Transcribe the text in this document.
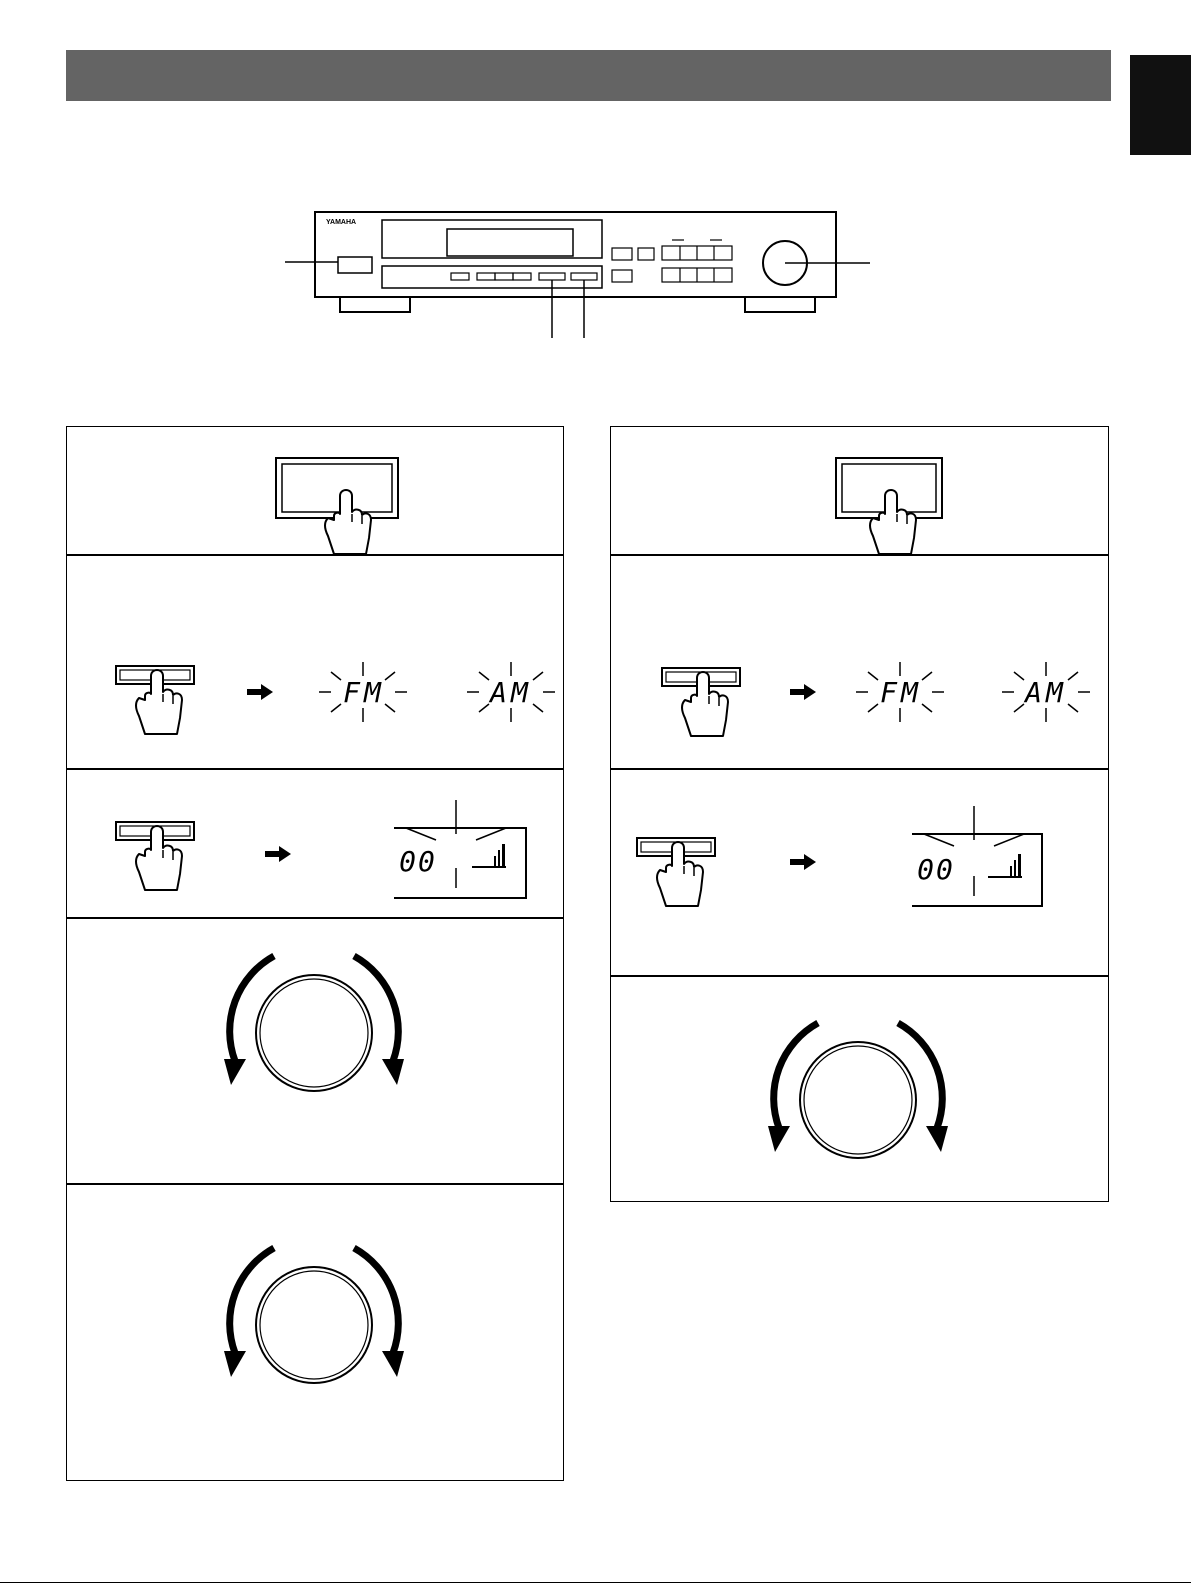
YAMAHA
FM	AM
00
FM	AM
00
